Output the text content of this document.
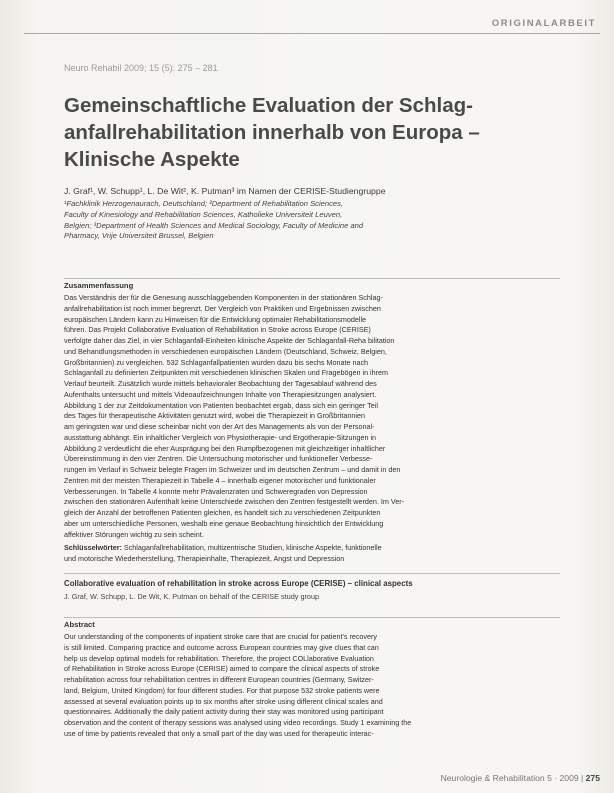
ORIGINALARBEIT
Neuro Rehabil 2009; 15 (5): 275 – 281
Gemeinschaftliche Evaluation der Schlag-
anfallrehabilitation innerhalb von Europa –
Klinische Aspekte
J. Graf¹, W. Schupp¹, L. De Wit², K. Putman³ im Namen der CERISE-Studiengruppe
¹Fachklinik Herzogenaurach, Deutschland; ²Department of Rehabilitation Sciences,
Faculty of Kinesiology and Rehabilitation Sciences, Katholieke Universiteit Leuven,
Belgien; ³Department of Health Sciences and Medical Sociology, Faculty of Medicine and
Pharmacy, Vrije Universiteit Brussel, Belgien
Zusammenfassung
Das Verständnis der für die Genesung ausschlaggebenden Komponenten in der stationären Schlag-
anfallrehabilitation ist noch immer begrenzt. Der Vergleich von Praktiken und Ergebnissen zwischen
europäischen Ländern kann zu Hinweisen für die Entwicklung optimaler Rehabilitationsmodelle
führen. Das Projekt Collaborative Evaluation of Rehabilitation in Stroke across Europe (CERISE)
verfolgte daher das Ziel, in vier Schlaganfall-Einheiten klinische Aspekte der Schlaganfall-Reha bilitation
und Behandlungsmethoden in verschiedenen europäischen Ländern (Deutschland, Schweiz, Belgien,
Großbritannien) zu vergleichen. 532 Schlaganfallpatienten wurden dazu bis sechs Monate nach
Schlaganfall zu definierten Zeitpunkten mit verschiedenen klinischen Skalen und Fragebögen in ihrem
Verlauf beurteilt. Zusätzlich wurde mittels behavioraler Beobachtung der Tagesablauf während des
Aufenthalts untersucht und mittels Videoaufzeichnungen Inhalte von Therapiesitzungen analysiert.
Abbildung 1 der zur Zeitdokumentation von Patienten beobachtet ergab, dass sich ein geringer Teil
des Tages für therapeutische Aktivitäten genutzt wird, wobei die Therapiezeit in Großbritannien
am geringsten war und diese scheinbar nicht von der Art des Managements als von der Personal-
ausstattung abhängt. Ein inhaltlicher Vergleich von Physiotherapie- und Ergotherapie-Sitzungen in
Abbildung 2 verdeutlicht die eher Ausprägung bei den Rumpfbezogenen mit gleichzeitiger inhaltlicher
Übereinstimmung in den vier Zentren. Die Untersuchung motorischer und funktioneller Verbesse-
rungen im Verlauf in Schweiz belegte Fragen im Schweizer und im deutschen Zentrum – und damit in den
Zentren mit der meisten Therapiezeit in Tabelle 4 – innerhalb eigener motorischer und funktionaler
Verbesserungen. In Tabelle 4 konnte mehr Prävalenzraten und Schweregraden von Depression
zwischen den stationären Aufenthalt keine Unterschiede zwischen den Zentren festgestellt werden. Im Ver-
gleich der Anzahl der betroffenen Patienten gleichen, es handelt sich zu verschiedenen Zeitpunkten
aber um unterschiedliche Personen, weshalb eine genaue Beobachtung hinsichtlich der Entwicklung
affektiver Störungen wichtig zu sein scheint.
Schlüsselwörter: Schlaganfallrehabilitation, multizentrische Studien, klinische Aspekte, funktionelle
und motorische Wiederherstellung, Therapieinhalte, Therapiezeit, Angst und Depression
Collaborative evaluation of rehabilitation in stroke across Europe (CERISE) – clinical aspects
J. Graf, W. Schupp, L. De Wit, K. Putman on behalf of the CERISE study group
Abstract
Our understanding of the components of inpatient stroke care that are crucial for patient's recovery
is still limited. Comparing practice and outcome across European countries may give clues that can
help us develop optimal models for rehabilitation. Therefore, the project COLlaborative Evaluation
of Rehabilitation in Stroke across Europe (CERISE) aimed to compare the clinical aspects of stroke
rehabilitation across four rehabilitation centres in different European countries (Germany, Switzer-
land, Belgium, United Kingdom) for four different studies. For that purpose 532 stroke patients were
assessed at several evaluation points up to six months after stroke using different clinical scales and
questionnaires. Additionally the daily patient activity during their stay was monitored using participant
observation and the content of therapy sessions was analysed using video recordings. Study 1 examining the
use of time by patients revealed that only a small part of the day was used for therapeutic interac-
Neurologie & Rehabilitation 5 · 2009 | 275
